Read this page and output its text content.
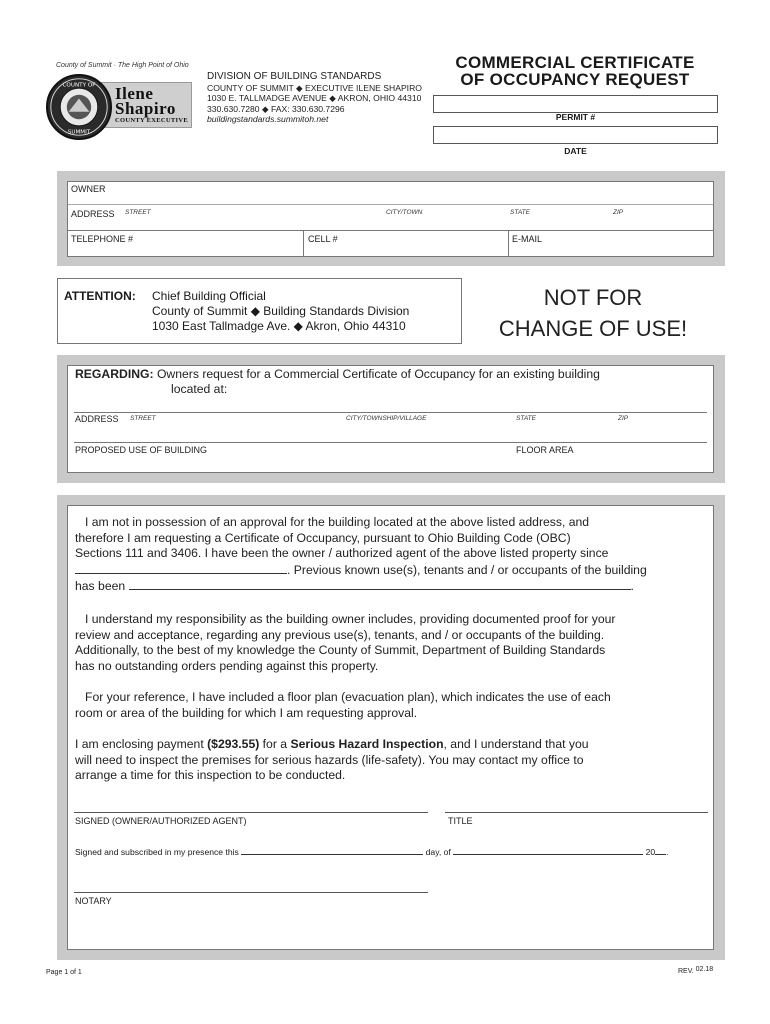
County of Summit · The High Point of Ohio
Ilene
Shapiro
COUNTY EXECUTIVE
COUNTY OF
SUMMIT
DIVISION OF BUILDING STANDARDS
COUNTY OF SUMMIT ◆ EXECUTIVE ILENE SHAPIRO
1030 E. TALLMADGE AVENUE ◆ AKRON, OHIO 44310
330.630.7280 ◆ FAX: 330.630.7296
buildingstandards.summitoh.net
COMMERCIAL CERTIFICATE
OF OCCUPANCY REQUEST
PERMIT #
DATE
OWNER
ADDRESS STREET	CITY/TOWN	STATE	ZIP
TELEPHONE #	CELL #	E-MAIL
ATTENTION: Chief Building Official
County of Summit ◆ Building Standards Division
1030 East Tallmadge Ave. ◆ Akron, Ohio 44310
NOT FOR
CHANGE OF USE!
REGARDING: Owners request for a Commercial Certificate of Occupancy for an existing building
located at:
ADDRESS STREET	CITY/TOWNSHIP/VILLAGE	STATE	ZIP
PROPOSED USE OF BUILDING	FLOOR AREA
I am not in possession of an approval for the building located at the above listed address, and
therefore I am requesting a Certificate of Occupancy, pursuant to Ohio Building Code (OBC)
Sections 111 and 3406. I have been the owner / authorized agent of the above listed property since
. Previous known use(s), tenants and / or occupants of the building
has been	.
I understand my responsibility as the building owner includes, providing documented proof for your
review and acceptance, regarding any previous use(s), tenants, and / or occupants of the building.
Additionally, to the best of my knowledge the County of Summit, Department of Building Standards
has no outstanding orders pending against this property.
For your reference, I have included a floor plan (evacuation plan), which indicates the use of each
room or area of the building for which I am requesting approval.
I am enclosing payment ($293.55) for a Serious Hazard Inspection, and I understand that you
will need to inspect the premises for serious hazards (life-safety). You may contact my office to
arrange a time for this inspection to be conducted.
SIGNED (OWNER/AUTHORIZED AGENT)	TITLE
Signed and subscribed in my presence this	day, of	20 .
NOTARY
Page 1 of 1	REV. 02.18
